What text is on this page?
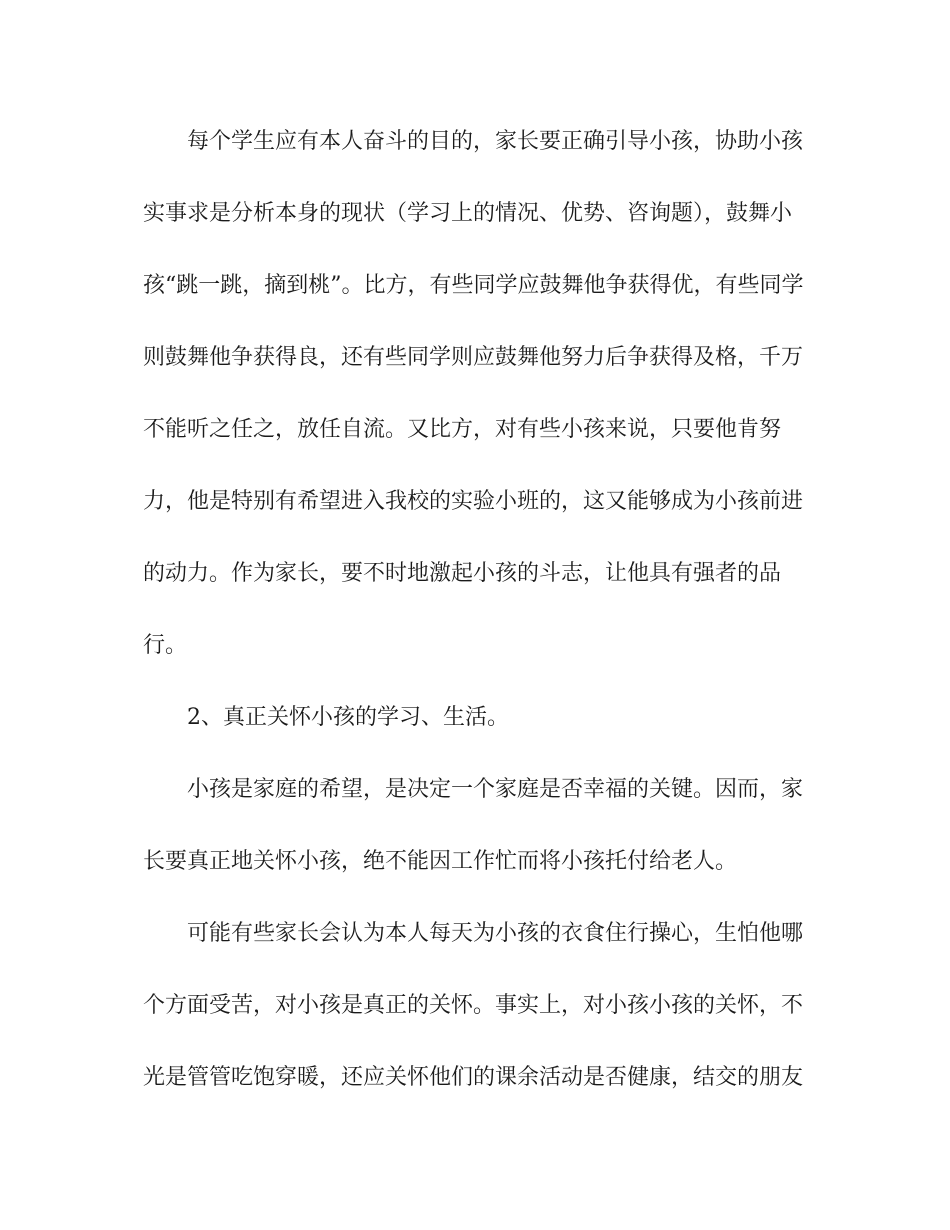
每个学生应有本人奋斗的目的，家长要正确引导小孩，协助小孩
实事求是分析本身的现状（学习上的情况、优势、咨询题），鼓舞小
孩“跳一跳，摘到桃”。比方，有些同学应鼓舞他争获得优，有些同学
则鼓舞他争获得良，还有些同学则应鼓舞他努力后争获得及格，千万
不能听之任之，放任自流。又比方，对有些小孩来说，只要他肯努
力，他是特别有希望进入我校的实验小班的，这又能够成为小孩前进
的动力。作为家长，要不时地激起小孩的斗志，让他具有强者的品
行。
2、真正关怀小孩的学习、生活。
小孩是家庭的希望，是决定一个家庭是否幸福的关键。因而，家
长要真正地关怀小孩，绝不能因工作忙而将小孩托付给老人。
可能有些家长会认为本人每天为小孩的衣食住行操心，生怕他哪
个方面受苦，对小孩是真正的关怀。事实上，对小孩小孩的关怀，不
光是管管吃饱穿暖，还应关怀他们的课余活动是否健康，结交的朋友
